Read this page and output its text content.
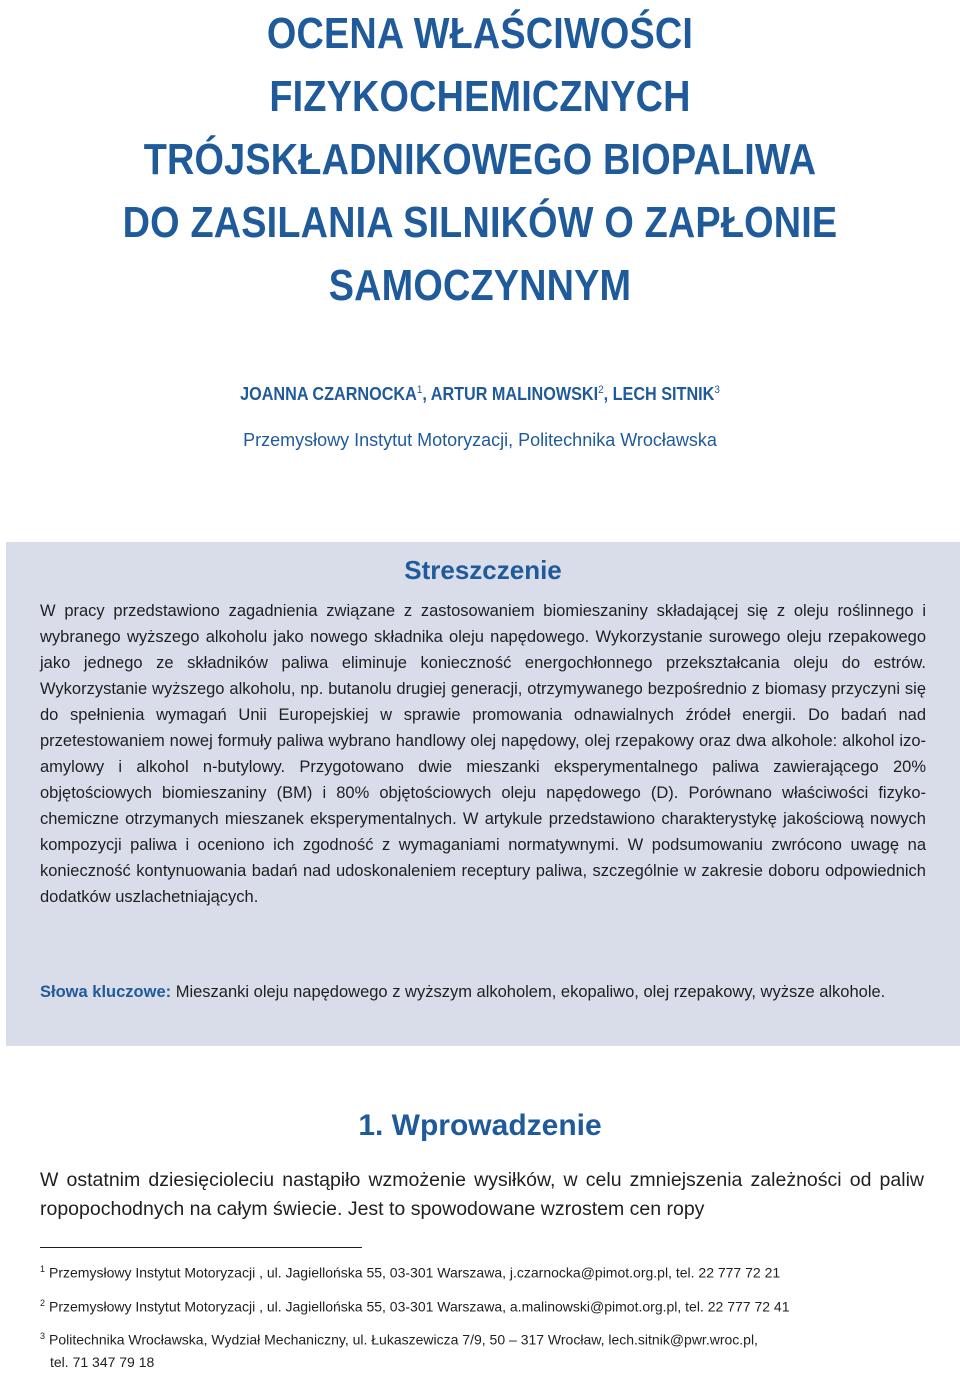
OCENA WŁAŚCIWOŚCI
FIZYKOCHEMICZNYCH
TRÓJSKŁADNIKOWEGO BIOPALIWA
DO ZASILANIA SILNIKÓW O ZAPŁONIE
SAMOCZYNNYM
JOANNA CZARNOCKA$^1$, ARTUR MALINOWSKI$^2$, LECH SITNIK$^3$
Przemysłowy Instytut Motoryzacji, Politechnika Wrocławska
Streszczenie
W pracy przedstawiono zagadnienia związane z zastosowaniem biomieszaniny składającej się z oleju roślinnego i wybranego wyższego alkoholu jako nowego składnika oleju napędowego. Wykorzystanie surowego oleju rzepakowego jako jednego ze składników paliwa eliminuje konieczność energochłonnego przekształcania oleju do estrów. Wykorzystanie wyższego alkoholu, np. butanolu drugiej generacji, otrzymywanego bezpośrednio z biomasy przyczyni się do spełnienia wymagań Unii Europejskiej w sprawie promowania odnawialnych źródeł energii. Do badań nad przetestowaniem nowej formuły paliwa wybrano handlowy olej napędowy, olej rzepakowy oraz dwa alkohole: alkohol izo-amylowy i alkohol n-butylowy. Przygotowano dwie mieszanki eksperymentalnego paliwa zawierającego 20% objętościowych biomieszaniny (BM) i 80% objętościowych oleju napędowego (D). Porównano właściwości fizyko-chemiczne otrzymanych mieszanek eksperymentalnych. W artykule przedstawiono charakterystykę jakościową nowych kompozycji paliwa i oceniono ich zgodność z wymaganiami normatywnymi. W podsumowaniu zwrócono uwagę na konieczność kontynuowania badań nad udoskonaleniem receptury paliwa, szczególnie w zakresie doboru odpowiednich dodatków uszlachetniających.
Słowa kluczowe: Mieszanki oleju napędowego z wyższym alkoholem, ekopaliwo, olej rzepakowy, wyższe alkohole.
1. Wprowadzenie
W ostatnim dziesięcioleciu nastąpiło wzmożenie wysiłków, w celu zmniejszenia zależności od paliw ropopochodnych na całym świecie. Jest to spowodowane wzrostem cen ropy
$^1$ Przemysłowy Instytut Motoryzacji , ul. Jagiellońska 55, 03-301 Warszawa, j.czarnocka@pimot.org.pl, tel. 22 777 72 21
$^2$ Przemysłowy Instytut Motoryzacji , ul. Jagiellońska 55, 03-301 Warszawa, a.malinowski@pimot.org.pl, tel. 22 777 72 41
$^3$ Politechnika Wrocławska, Wydział Mechaniczny, ul. Łukaszewicza 7/9, 50 – 317 Wrocław, lech.sitnik@pwr.wroc.pl,
tel. 71 347 79 18
